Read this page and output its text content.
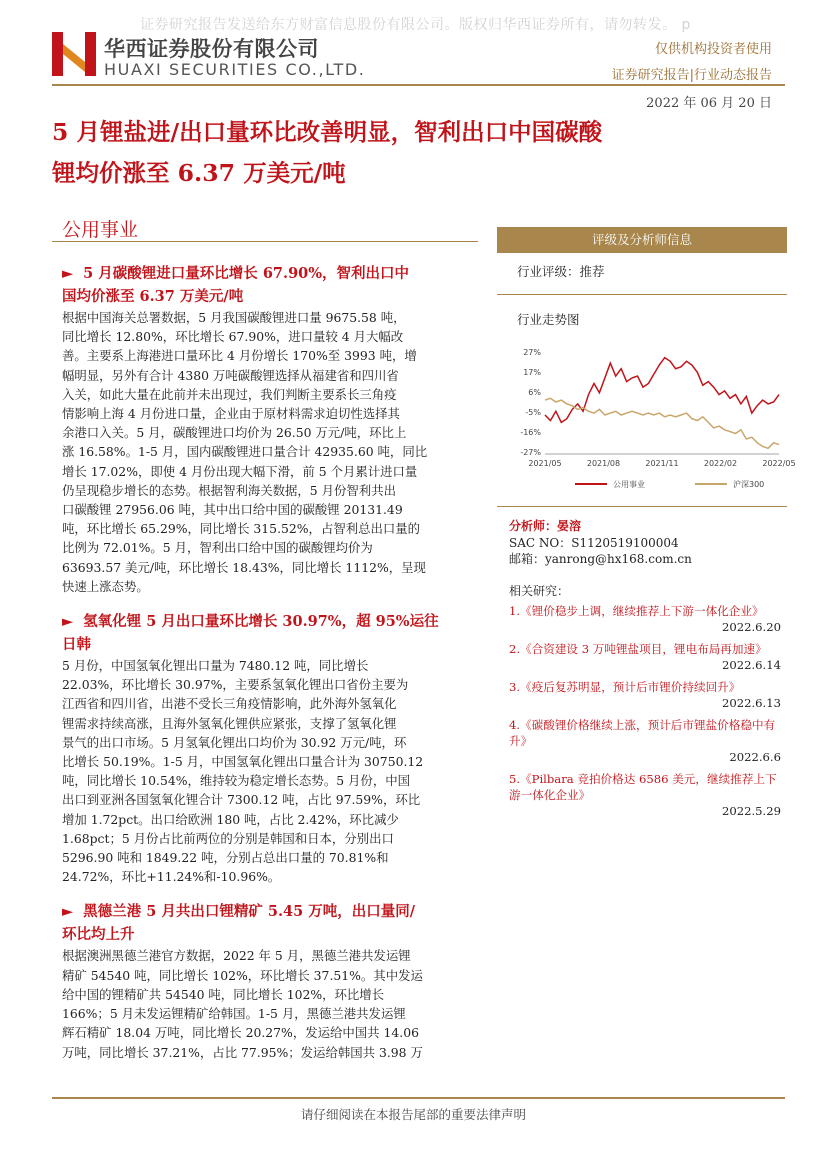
证券研究报告发送给东方财富信息股份有限公司。版权归华西证券所有，请勿转发。 p
华西证券股份有限公司
HUAXI SECURITIES CO.,LTD.
仅供机构投资者使用
证券研究报告|行业动态报告
2022 年 06 月 20 日
5 月锂盐进/出口量环比改善明显，智利出口中国碳酸
锂均价涨至 6.37 万美元/吨
公用事业
► 5 月碳酸锂进口量环比增长 67.90%，智利出口中
国均价涨至 6.37 万美元/吨
根据中国海关总署数据，5 月我国碳酸锂进口量 9675.58 吨，
同比增长 12.80%，环比增长 67.90%，进口量较 4 月大幅改
善。主要系上海港进口量环比 4 月份增长 170%至 3993 吨，增
幅明显，另外有合计 4380 万吨碳酸锂选择从福建省和四川省
入关，如此大量在此前并未出现过，我们判断主要系长三角疫
情影响上海 4 月份进口量，企业由于原材料需求迫切性选择其
余港口入关。5 月，碳酸锂进口均价为 26.50 万元/吨，环比上
涨 16.58%。1-5 月，国内碳酸锂进口量合计 42935.60 吨，同比
增长 17.02%，即使 4 月份出现大幅下滑，前 5 个月累计进口量
仍呈现稳步增长的态势。根据智利海关数据，5 月份智利共出
口碳酸锂 27956.06 吨，其中出口给中国的碳酸锂 20131.49
吨，环比增长 65.29%，同比增长 315.52%，占智利总出口量的
比例为 72.01%。5 月，智利出口给中国的碳酸锂均价为
63693.57 美元/吨，环比增长 18.43%，同比增长 1112%，呈现
快速上涨态势。
► 氢氧化锂 5 月出口量环比增长 30.97%，超 95%运往
日韩
5 月份，中国氢氧化锂出口量为 7480.12 吨，同比增长
22.03%，环比增长 30.97%，主要系氢氧化锂出口省份主要为
江西省和四川省，出港不受长三角疫情影响，此外海外氢氧化
锂需求持续高涨，且海外氢氧化锂供应紧张，支撑了氢氧化锂
景气的出口市场。5 月氢氧化锂出口均价为 30.92 万元/吨，环
比增长 50.19%。1-5 月，中国氢氧化锂出口量合计为 30750.12
吨，同比增长 10.54%，维持较为稳定增长态势。5 月份，中国
出口到亚洲各国氢氧化锂合计 7300.12 吨，占比 97.59%，环比
增加 1.72pct。出口给欧洲 180 吨，占比 2.42%，环比减少
1.68pct；5 月份占比前两位的分别是韩国和日本，分别出口
5296.90 吨和 1849.22 吨，分别占总出口量的 70.81%和
24.72%，环比+11.24%和-10.96%。
► 黑德兰港 5 月共出口锂精矿 5.45 万吨，出口量同/
环比均上升
根据澳洲黑德兰港官方数据，2022 年 5 月，黑德兰港共发运锂
精矿 54540 吨，同比增长 102%，环比增长 37.51%。其中发运
给中国的锂精矿共 54540 吨，同比增长 102%，环比增长
166%；5 月未发运锂精矿给韩国。1-5 月，黑德兰港共发运锂
辉石精矿 18.04 万吨，同比增长 20.27%，发运给中国共 14.06
万吨，同比增长 37.21%，占比 77.95%；发运给韩国共 3.98 万
评级及分析师信息
行业评级：推荐
行业走势图
27%
17%
6%
-5%
-16%
-27%
2021/05	2021/08	2021/11	2022/02	2022/05
公用事业	沪深300
分析师：晏溶
SAC NO：S1120519100004
邮箱：yanrong@hx168.com.cn
相关研究：
1.《锂价稳步上调，继续推荐上下游一体化企业》
2022.6.20
2.《合资建设 3 万吨锂盐项目，锂电布局再加速》
2022.6.14
3.《疫后复苏明显，预计后市锂价持续回升》
2022.6.13
4.《碳酸锂价格继续上涨，预计后市锂盐价格稳中有升》
2022.6.6
5.《Pilbara 竞拍价格达 6586 美元，继续推荐上下游一体化企业》
2022.5.29
请仔细阅读在本报告尾部的重要法律声明
